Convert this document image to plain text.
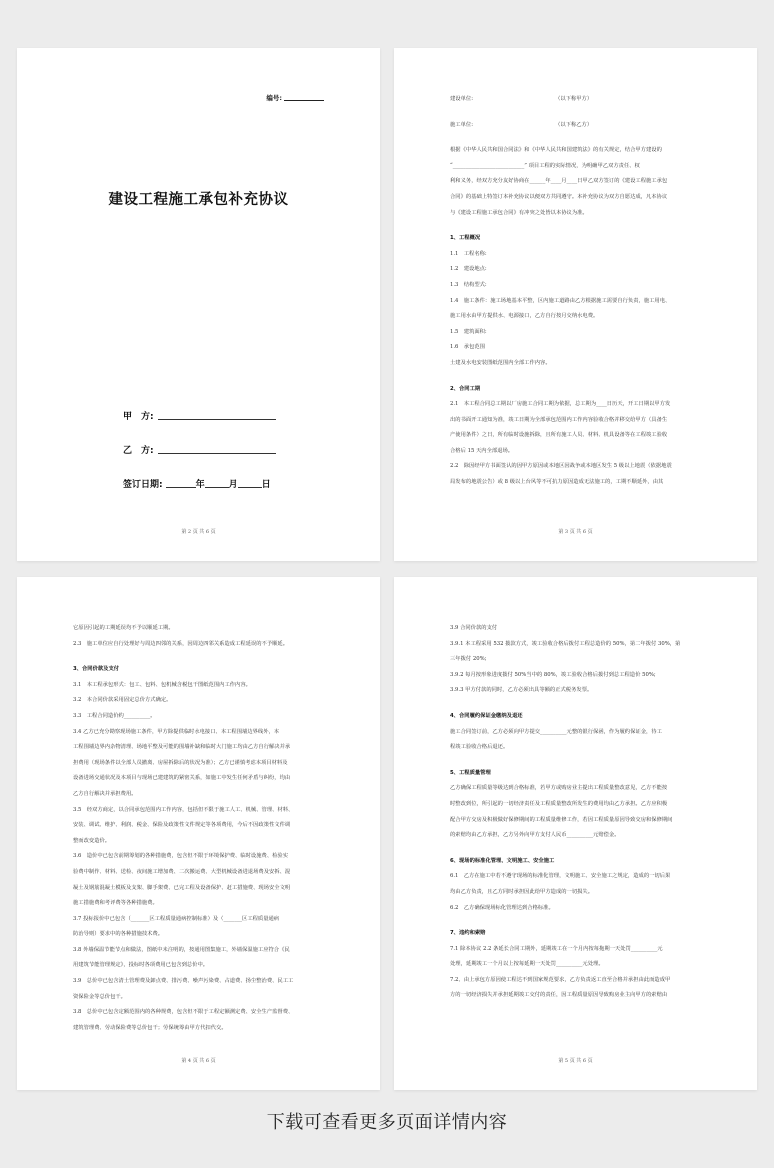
编号:
建设工程施工承包补充协议
甲　方:
乙　方:
签订日期:	年	月	日
第 2 页 共 6 页
建设单位:　　　　　　　　　　　　　　　　（以下称甲方）
施工单位:　　　　　　　　　　　　　　　　（以下称乙方）
根据《中华人民共和国合同法》和《中华人民共和国建筑法》的有关规定，结合甲方建设的
“___________________________” 项目工程的实际情况，为明确甲乙双方责任、权
利和义务，经双方充分友好协商在______年____月____日甲乙双方签订的《建设工程施工承包
合同》的基础上特签订本补充协议以便双方共同遵守。本补充协议为双方自愿达成，凡本协议
与《建设工程施工承包合同》有冲突之处皆以本协议为准。
1、工程概况
1.1　工程名称:
1.2　建设地点:
1.3　结构型式:
1.4　施工条件：施工场地基本平整，区内施工道路由乙方根据施工需要自行负责，施工用电、
施工用水由甲方提供水、电源接口，乙方自行按月交纳水电费。
1.5　建筑面积:
1.6　承包范围
土建及水电安装图纸范围内全部工作内容。
2、合同工期
2.1　本工程合同总工期以厂房施工合同工期为依据，总工期为____日历天，开工日期以甲方发
出的书面开工通知为准，竣工日期为全部承包范围内工作内容验收合格并移交给甲方（具备生
产使用条件）之日，所有临时设施拆除，且所有施工人员、材料、机具设备等在工程竣工验收
合格后 15 天内全部退场。
2.2　除因经甲方书面签认的因甲方原因或本地区因战争或本地区发生 5 级以上地震（依据地震
局发布的地震公告）或 8 级以上台风等不可抗力原因造成无法施工的，工期不顺延外，由其
第 3 页 共 6 页
它原因引起的工期延误均不予以顺延工期。
2.3　施工单位应自行处理好与周边四邻的关系，因周边四邻关系造成工程延误的不予顺延。
3、合同价款及支付
3.1　本工程承包形式：包工、包料、包机械含税包干图纸范围内工作内容。
3.2　本合同价款采用固定总价方式确定。
3.3　工程合同造价约__________。
3.4 乙方已充分勘察现场施工条件，甲方除提供临时水电接口、本工程围墙边界线外，本
工程围墙边界内杂物清理、场地平整及可能的围墙补缺和临时大门施工均由乙方自行解决并承
担费用（现场条件以全部人员撤离、房屋拆除后的状况为准）；乙方已谨慎考虑本项目材料及
设备进场交通状况及本项目与现场已建建筑的紧密关系，如施工中发生任何矛盾与纠纷，均由
乙方自行解决并承担费用。
3.5　经双方商定，以合同承包范围内工作内容，包括但不限于施工人工、机械、管理、材料、
安装、调试、维护、利润、税金、保险及政策性文件规定等各项费用，今后不因政策性文件调
整而改变造价。
3.6　造价中已包含前期筹划的各种措施费，包含但不限于环境保护费、临时设施费、检验实
验费中制作、材料、送检、夜间施工增加费、二次搬运费、大型机械设备进退场费及安拆、混
凝土及钢筋混凝土模板及支架、脚手架费、已完工程及设备保护、赶工措施费、现场安全文明
施工措施费和考评费等各种措施费。
3.7 投标报价中已包含（_______区工程质量通病控制标准）及（_______区工程质量通病
防治导则）要求中的各种措施技术费。
3.8 外墙保温节能节点和做法，图纸中未注明的，按通用图集施工，外墙保温施工应符合《民
用建筑节能管理规定》，投标时各项费用已包含到总价中。
3.9　总价中已包含清土管理费及卸点费、排污费、噪声污染费、占道费、扬尘整治费、民工工
资保险金等总价包干。
3.8　总价中已包含定额范围内的各种规费，包含但不限于工程定额测定费、安全生产监督费、
建筑管理费、劳动保险费等总价包干；劳保统筹由甲方代扣代交。
第 4 页 共 6 页
3.9 合同价款的支付
3.9.1 本工程采用 532 拨款方式，竣工验收合格后拨付工程总造价的 50%，第二年拨付 30%，第
三年拨付 20%;
3.9.2 每月按形象进度拨付 50%当中的 80%，竣工验收合格后拨付到总工程造价 50%;
3.9.3 甲方付款的同时，乙方必须出具等额的正式税务发票。
4、合同履约保证金缴纳及退还
施工合同签订前，乙方必须向甲方提交__________元整的银行保函，作为履约保证金，待工
程竣工验收合格后退还。
5、工程质量管理
乙方确保工程质量等级达到合格标准，若甲方或购房业主提出工程质量整改意见，乙方不能按
时整改到位，所引起的一切经济责任及工程质量整改所发生的费用均由乙方承担。乙方应积极
配合甲方交房及积极做好保修期间的工程质量维修工作，若因工程质量原因导致交房和保修期间
的索赔均由乙方承担，乙方另外向甲方支付人民币__________元赔偿金。
6、现场的标准化管理、文明施工、安全施工
6.1　乙方在施工中若不遵守现场的标准化管理，文明施工、安全施工之规定，造成的一切后果
均由乙方负责，且乙方同时承担因此给甲方造成的一切损失。
6.2　乙方确保现场标化管理达到合格标准。
7、违约和索赔
7.1 除本协议 2.2 条延长合同工期外，延期竣工在一个月内按每拖期一天处罚__________元
处理，延期竣工一个月以上按每延期一天处罚__________元处理。
7.2、由上承包方原因使工程达不到国家规范要求，乙方负责返工直至合格并承担由此而造成甲
方的一切经济损失并承担延期竣工交付的责任，因工程质量原因导致购房业主向甲方的索赔由
第 5 页 共 6 页
下载可查看更多页面详情内容
